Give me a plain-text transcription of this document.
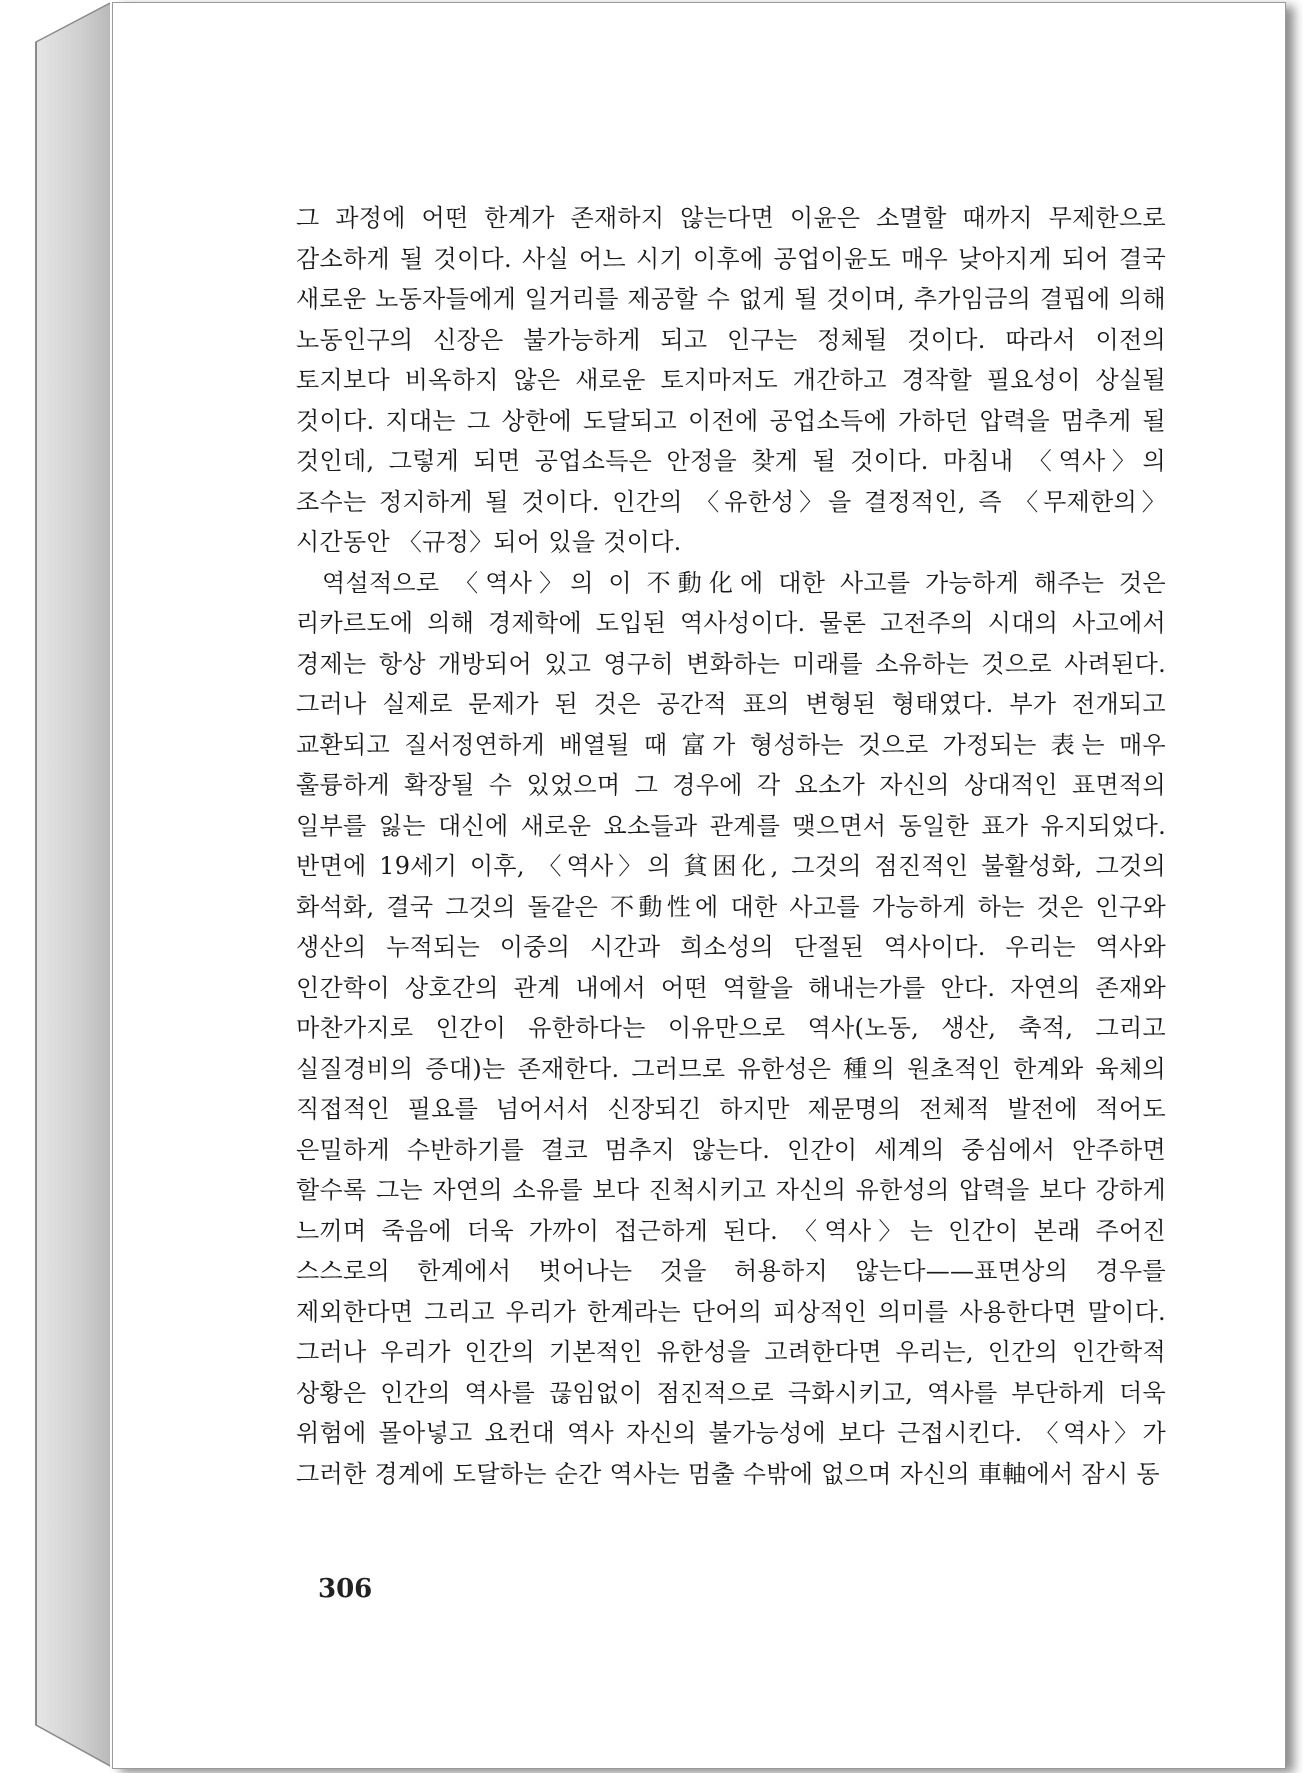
그 과정에 어떤 한계가 존재하지 않는다면 이윤은 소멸할 때까지 무제한으로 감소하게 될 것이다. 사실 어느 시기 이후에 공업이윤도 매우 낮아지게 되어 결국 새로운 노동자들에게 일거리를 제공할 수 없게 될 것이며, 추가임금의 결핍에 의해 노동인구의 신장은 불가능하게 되고 인구는 정체될 것이다. 따라서 이전의 토지보다 비옥하지 않은 새로운 토지마저도 개간하고 경작할 필요성이 상실될 것이다. 지대는 그 상한에 도달되고 이전에 공업소득에 가하던 압력을 멈추게 될 것인데, 그렇게 되면 공업소득은 안정을 찾게 될 것이다. 마침내 〈역사〉의 조수는 정지하게 될 것이다. 인간의 〈유한성〉을 결정적인, 즉 〈무제한의〉 시간동안 〈규정〉되어 있을 것이다.

역설적으로 〈역사〉의 이 不動化에 대한 사고를 가능하게 해주는 것은 리카르도에 의해 경제학에 도입된 역사성이다. 물론 고전주의 시대의 사고에서 경제는 항상 개방되어 있고 영구히 변화하는 미래를 소유하는 것으로 사려된다. 그러나 실제로 문제가 된 것은 공간적 표의 변형된 형태였다. 부가 전개되고 교환되고 질서정연하게 배열될 때 富가 형성하는 것으로 가정되는 表는 매우 훌륭하게 확장될 수 있었으며 그 경우에 각 요소가 자신의 상대적인 표면적의 일부를 잃는 대신에 새로운 요소들과 관계를 맺으면서 동일한 표가 유지되었다. 반면에 19세기 이후, 〈역사〉의 貧困化, 그것의 점진적인 불활성화, 그것의 화석화, 결국 그것의 돌같은 不動性에 대한 사고를 가능하게 하는 것은 인구와 생산의 누적되는 이중의 시간과 희소성의 단절된 역사이다. 우리는 역사와 인간학이 상호간의 관계 내에서 어떤 역할을 해내는가를 안다. 자연의 존재와 마찬가지로 인간이 유한하다는 이유만으로 역사(노동, 생산, 축적, 그리고 실질경비의 증대)는 존재한다. 그러므로 유한성은 種의 원초적인 한계와 육체의 직접적인 필요를 넘어서서 신장되긴 하지만 제문명의 전체적 발전에 적어도 은밀하게 수반하기를 결코 멈추지 않는다. 인간이 세계의 중심에서 안주하면 할수록 그는 자연의 소유를 보다 진척시키고 자신의 유한성의 압력을 보다 강하게 느끼며 죽음에 더욱 가까이 접근하게 된다. 〈역사〉는 인간이 본래 주어진 스스로의 한계에서 벗어나는 것을 허용하지 않는다——표면상의 경우를 제외한다면 그리고 우리가 한계라는 단어의 피상적인 의미를 사용한다면 말이다. 그러나 우리가 인간의 기본적인 유한성을 고려한다면 우리는, 인간의 인간학적 상황은 인간의 역사를 끊임없이 점진적으로 극화시키고, 역사를 부단하게 더욱 위험에 몰아넣고 요컨대 역사 자신의 불가능성에 보다 근접시킨다. 〈역사〉가 그러한 경계에 도달하는 순간 역사는 멈출 수밖에 없으며 자신의 車軸에서 잠시 동

306
